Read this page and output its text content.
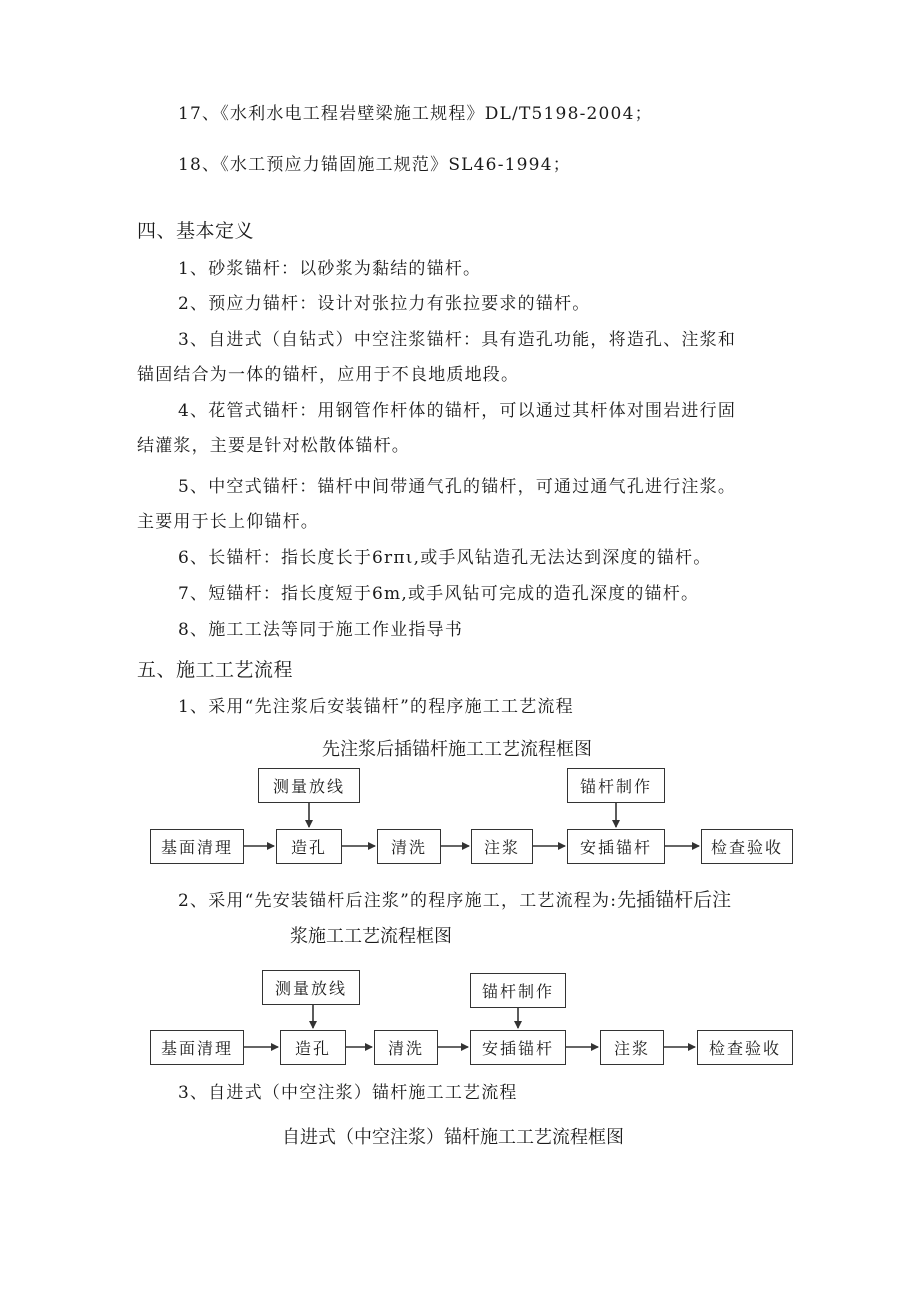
17、《水利水电工程岩壁梁施工规程》DL/T5198-2004；
18、《水工预应力锚固施工规范》SL46-1994；
四、基本定义
1、砂浆锚杆：以砂浆为黏结的锚杆。
2、预应力锚杆：设计对张拉力有张拉要求的锚杆。
3、自进式（自钻式）中空注浆锚杆：具有造孔功能，将造孔、注浆和
锚固结合为一体的锚杆，应用于不良地质地段。
4、花管式锚杆：用钢管作杆体的锚杆，可以通过其杆体对围岩进行固
结灌浆，主要是针对松散体锚杆。
5、中空式锚杆：锚杆中间带通气孔的锚杆，可通过通气孔进行注浆。
主要用于长上仰锚杆。
6、长锚杆：指长度长于6rπι,或手风钻造孔无法达到深度的锚杆。
7、短锚杆：指长度短于6m,或手风钻可完成的造孔深度的锚杆。
8、施工工法等同于施工作业指导书
五、施工工艺流程
1、采用“先注浆后安装锚杆”的程序施工工艺流程
先注浆后插锚杆施工工艺流程框图
测量放线	锚杆制作
基面清理	造孔	清洗	注浆	安插锚杆	检查验收
2、采用“先安装锚杆后注浆”的程序施工，工艺流程为:先插锚杆后注
浆施工工艺流程框图
测量放线	锚杆制作
基面清理	造孔	清洗	安插锚杆	注浆	检查验收
3、自进式（中空注浆）锚杆施工工艺流程
自进式（中空注浆）锚杆施工工艺流程框图
